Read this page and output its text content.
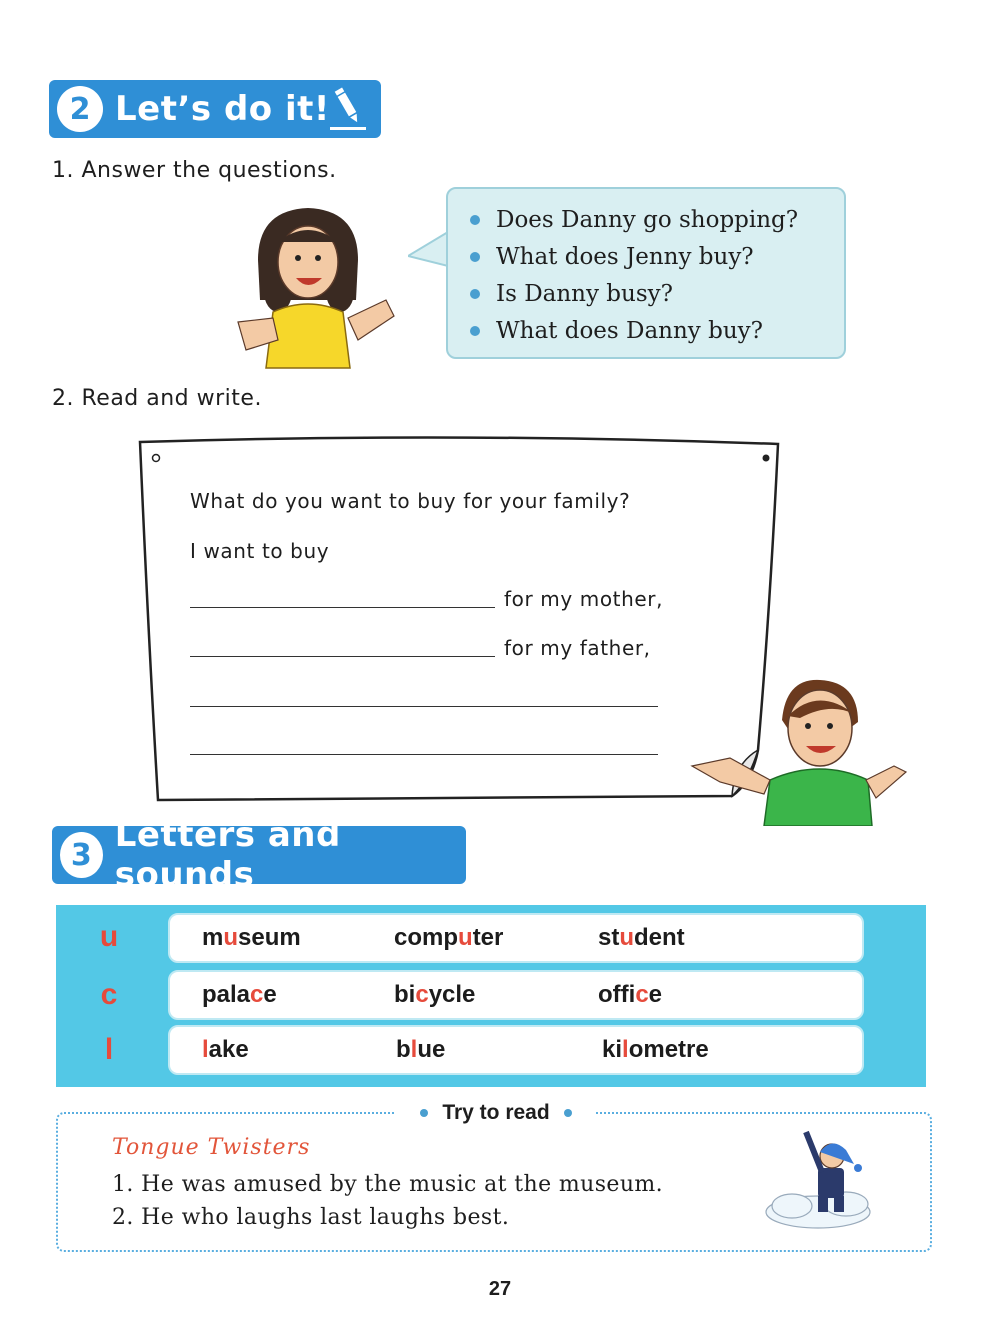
2 Let’s do it!
1. Answer the questions.
Does Danny go shopping?
What does Jenny buy?
Is Danny busy?
What does Danny buy?
2. Read and write.
What do you want to buy for your family?
I want to buy
for my mother,
for my father,
3 Letters and sounds
u	museum	computer	student
c	palace	bicycle	office
l	lake	blue	kilometre
Try to read
Tongue Twisters
1. He was amused by the music at the museum.
2. He who laughs last laughs best.
27
